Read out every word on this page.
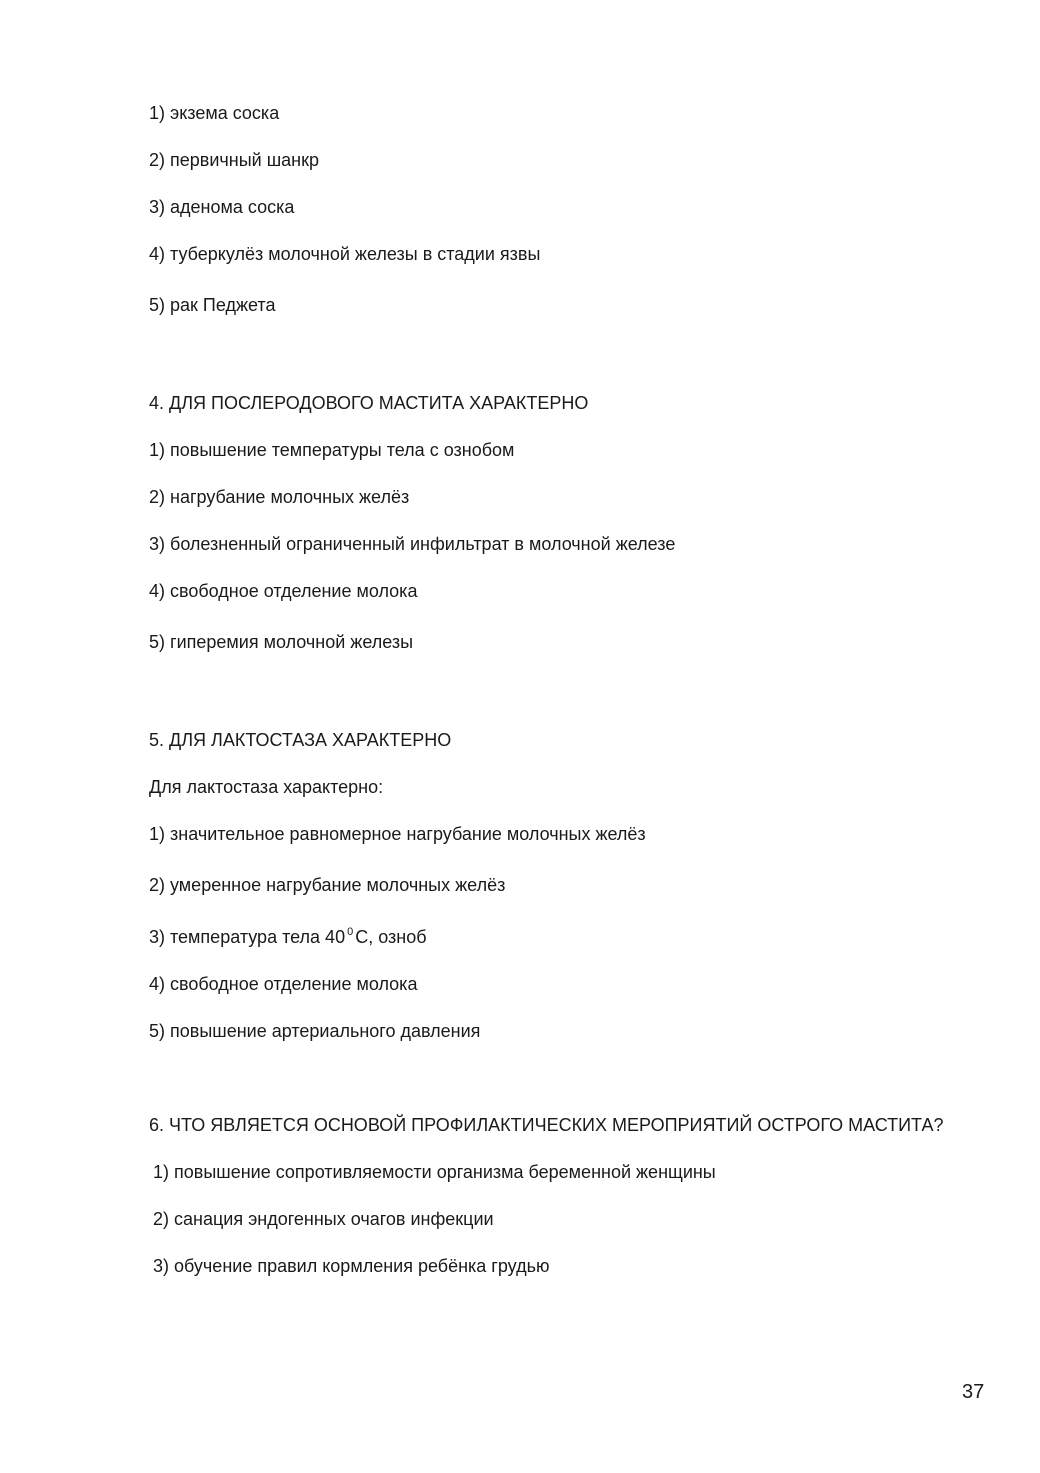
1) экзема соска
2) первичный шанкр
3) аденома соска
4) туберкулёз молочной железы в стадии язвы
5) рак Педжета
4. ДЛЯ ПОСЛЕРОДОВОГО МАСТИТА ХАРАКТЕРНО
1) повышение температуры тела с ознобом
2) нагрубание молочных желёз
3) болезненный ограниченный инфильтрат в молочной железе
4) свободное отделение молока
5) гиперемия молочной железы
5. ДЛЯ ЛАКТОСТАЗА ХАРАКТЕРНО
Для лактостаза характерно:
1) значительное равномерное нагрубание молочных желёз
2) умеренное нагрубание молочных желёз
3) температура тела 40 $^0$ С, озноб
4) свободное отделение молока
5) повышение артериального давления
6. ЧТО ЯВЛЯЕТСЯ ОСНОВОЙ ПРОФИЛАКТИЧЕСКИХ МЕРОПРИЯТИЙ ОСТРОГО МАСТИТА?
1) повышение сопротивляемости организма беременной женщины
2) санация эндогенных очагов инфекции
3) обучение правил кормления ребёнка грудью
37
